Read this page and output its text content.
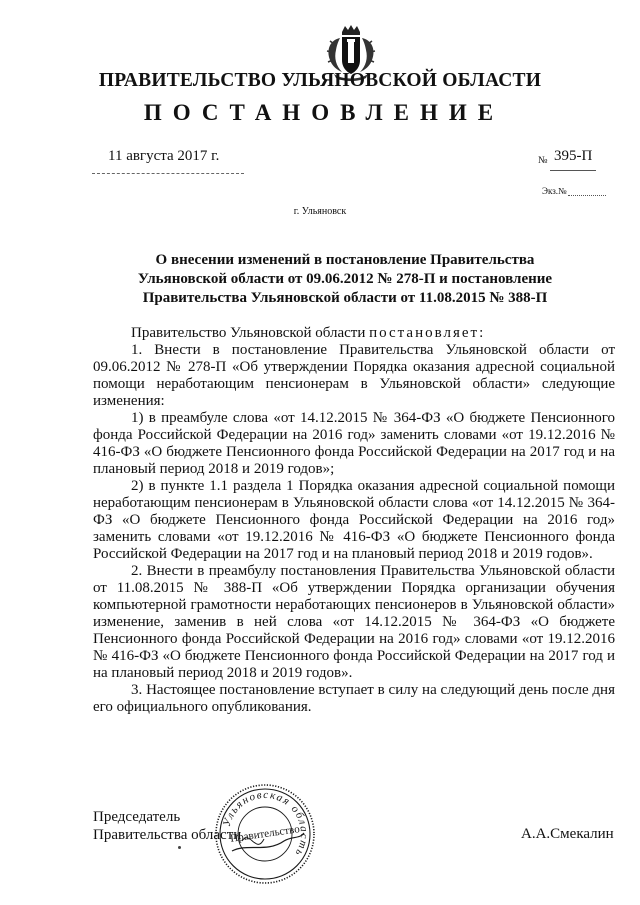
ПРАВИТЕЛЬСТВО УЛЬЯНОВСКОЙ ОБЛАСТИ
ПОСТАНОВЛЕНИЕ
11 августа 2017 г.	№ 395-П
Экз.№
г. Ульяновск
О внесении изменений в постановление Правительства Ульяновской области от 09.06.2012 № 278-П и постановление Правительства Ульяновской области от 11.08.2015 № 388-П

Правительство Ульяновской области постановляет:

1. Внести в постановление Правительства Ульяновской области от 09.06.2012 № 278-П «Об утверждении Порядка оказания адресной социальной помощи неработающим пенсионерам в Ульяновской области» следующие изменения:

1) в преамбуле слова «от 14.12.2015 № 364-ФЗ «О бюджете Пенсионного фонда Российской Федерации на 2016 год» заменить словами «от 19.12.2016 № 416-ФЗ «О бюджете Пенсионного фонда Российской Федерации на 2017 год и на плановый период 2018 и 2019 годов»;

2) в пункте 1.1 раздела 1 Порядка оказания адресной социальной помощи неработающим пенсионерам в Ульяновской области слова «от 14.12.2015 № 364-ФЗ «О бюджете Пенсионного фонда Российской Федерации на 2016 год» заменить словами «от 19.12.2016 № 416-ФЗ «О бюджете Пенсионного фонда Российской Федерации на 2017 год и на плановый период 2018 и 2019 годов».

2. Внести в преамбулу постановления Правительства Ульяновской области от 11.08.2015 № 388-П «Об утверждении Порядка организации обучения компьютерной грамотности неработающих пенсионеров в Ульяновской области» изменение, заменив в ней слова «от 14.12.2015 № 364-ФЗ «О бюджете Пенсионного фонда Российской Федерации на 2016 год» словами «от 19.12.2016 № 416-ФЗ «О бюджете Пенсионного фонда Российской Федерации на 2017 год и на плановый период 2018 и 2019 годов».

3. Настоящее постановление вступает в силу на следующий день после дня его официального опубликования.

Председатель
Правительства области	А.А.Смекалин
Ульяновская область
Правительство
